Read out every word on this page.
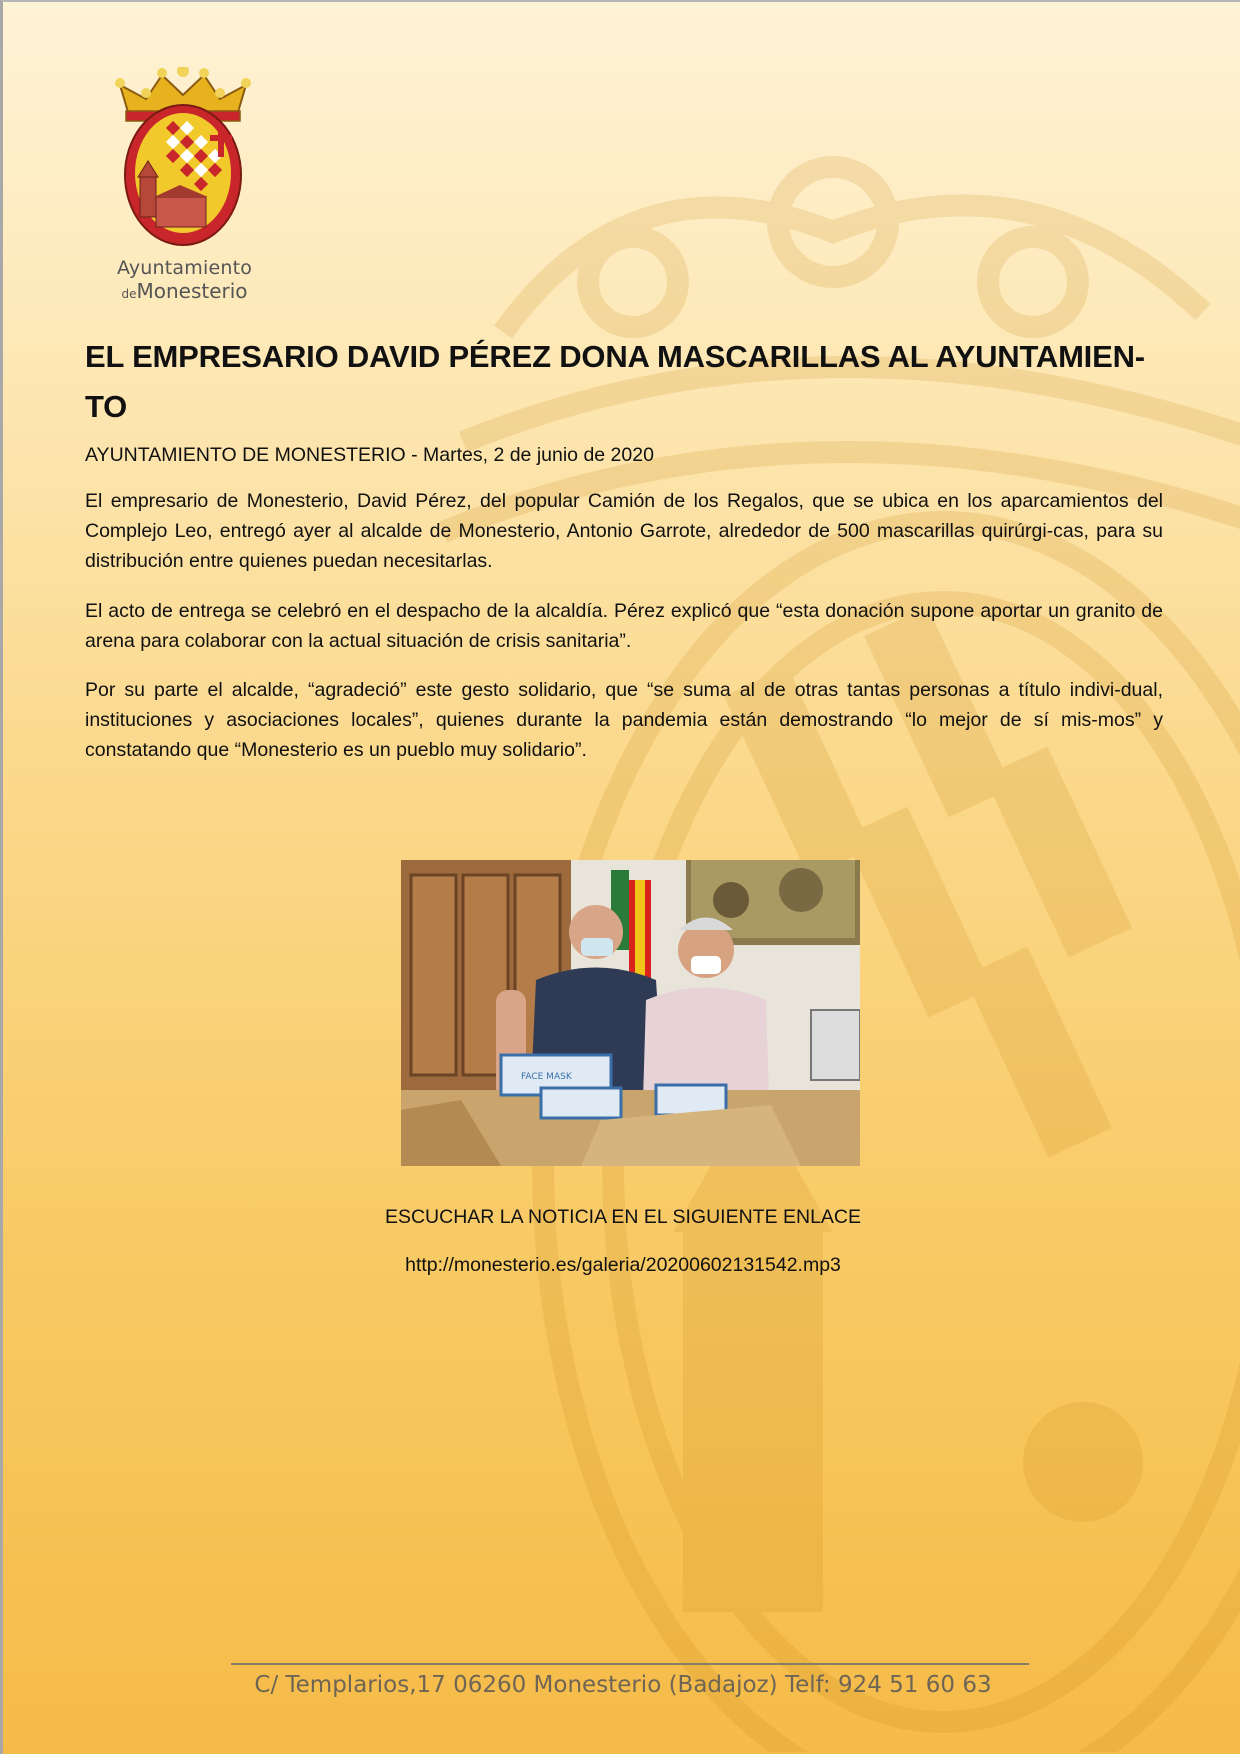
Ayuntamiento
deMonesterio
EL EMPRESARIO DAVID PÉREZ DONA MASCARILLAS AL AYUNTAMIEN-TO
AYUNTAMIENTO DE MONESTERIO - Martes, 2 de junio de 2020

El empresario de Monesterio, David Pérez, del popular Camión de los Regalos, que se ubica en los aparcamientos del Complejo Leo, entregó ayer al alcalde de Monesterio, Antonio Garrote, alrededor de 500 mascarillas quirúrgi-cas, para su distribución entre quienes puedan necesitarlas.

El acto de entrega se celebró en el despacho de la alcaldía. Pérez explicó que “esta donación supone aportar un granito de arena para colaborar con la actual situación de crisis sanitaria”.

Por su parte el alcalde, “agradeció” este gesto solidario, que “se suma al de otras tantas personas a título indivi-dual, instituciones y asociaciones locales”, quienes durante la pandemia están demostrando “lo mejor de sí mis-mos” y constatando que “Monesterio es un pueblo muy solidario”.

FACE MASK
ESCUCHAR LA NOTICIA EN EL SIGUIENTE ENLACE
http://monesterio.es/galeria/20200602131542.mp3
C/ Templarios,17 06260 Monesterio (Badajoz) Telf: 924 51 60 63
